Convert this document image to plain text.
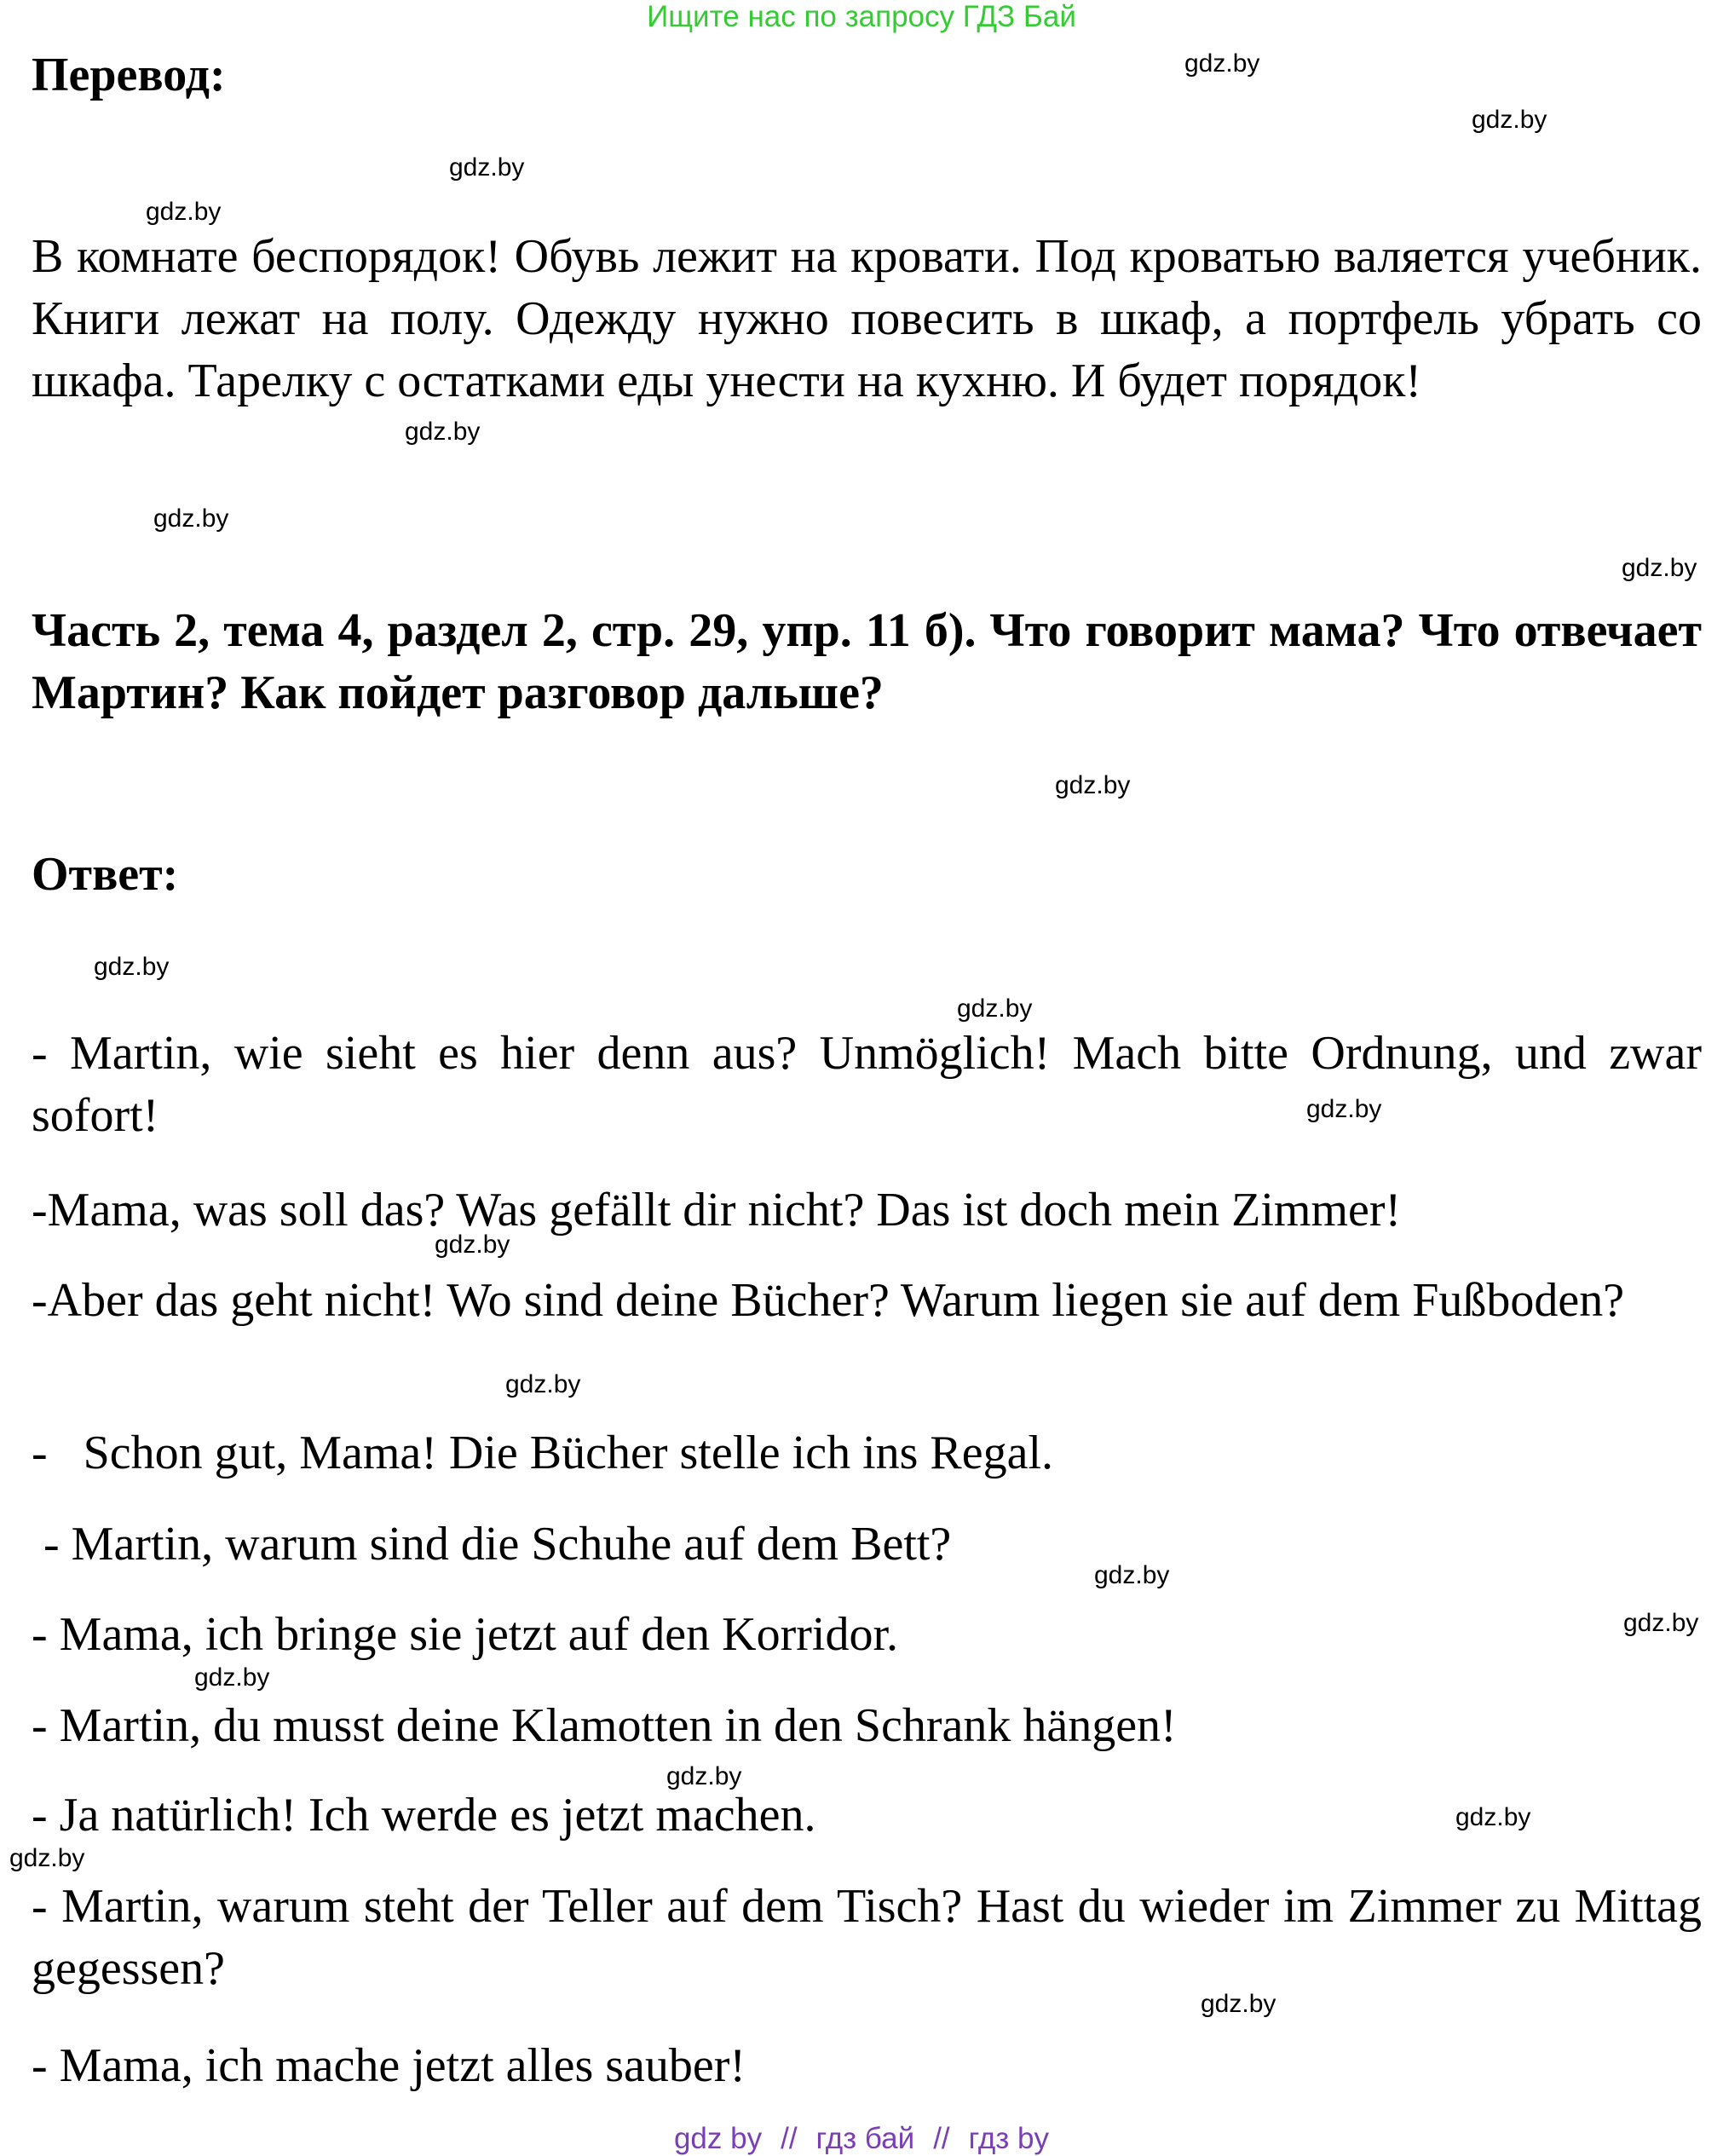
Ищите нас по запросу ГДЗ Бай
Перевод:
В комнате беспорядок! Обувь лежит на кровати. Под кроватью валяется учебник. Книги лежат на полу. Одежду нужно повесить в шкаф, а портфель убрать со шкафа. Тарелку с остатками еды унести на кухню. И будет порядок!
Часть 2, тема 4, раздел 2, стр. 29, упр. 11 б). Что говорит мама? Что отвечает Мартин? Как пойдет разговор дальше?
Ответ:
- Martin, wie sieht es hier denn aus? Unmöglich! Mach bitte Ordnung, und zwar sofort!
-Mama, was soll das? Was gefällt dir nicht? Das ist doch mein Zimmer!
-Aber das geht nicht! Wo sind deine Bücher? Warum liegen sie auf dem Fußboden?
-   Schon gut, Mama! Die Bücher stelle ich ins Regal.
- Martin, warum sind die Schuhe auf dem Bett?
- Mama, ich bringe sie jetzt auf den Korridor.
- Martin, du musst deine Klamotten in den Schrank hängen!
- Ja natürlich! Ich werde es jetzt machen.
- Martin, warum steht der Teller auf dem Tisch? Hast du wieder im Zimmer zu Mittag gegessen?
- Mama, ich mache jetzt alles sauber!
gdz.by
gdz.by
gdz.by
gdz.by
gdz.by
gdz.by
gdz.by
gdz.by
gdz.by
gdz.by
gdz.by
gdz.by
gdz.by
gdz.by
gdz.by
gdz.by
gdz.by
gdz.by
gdz.by
gdz.by
gdz by // гдз бай // гдз by
